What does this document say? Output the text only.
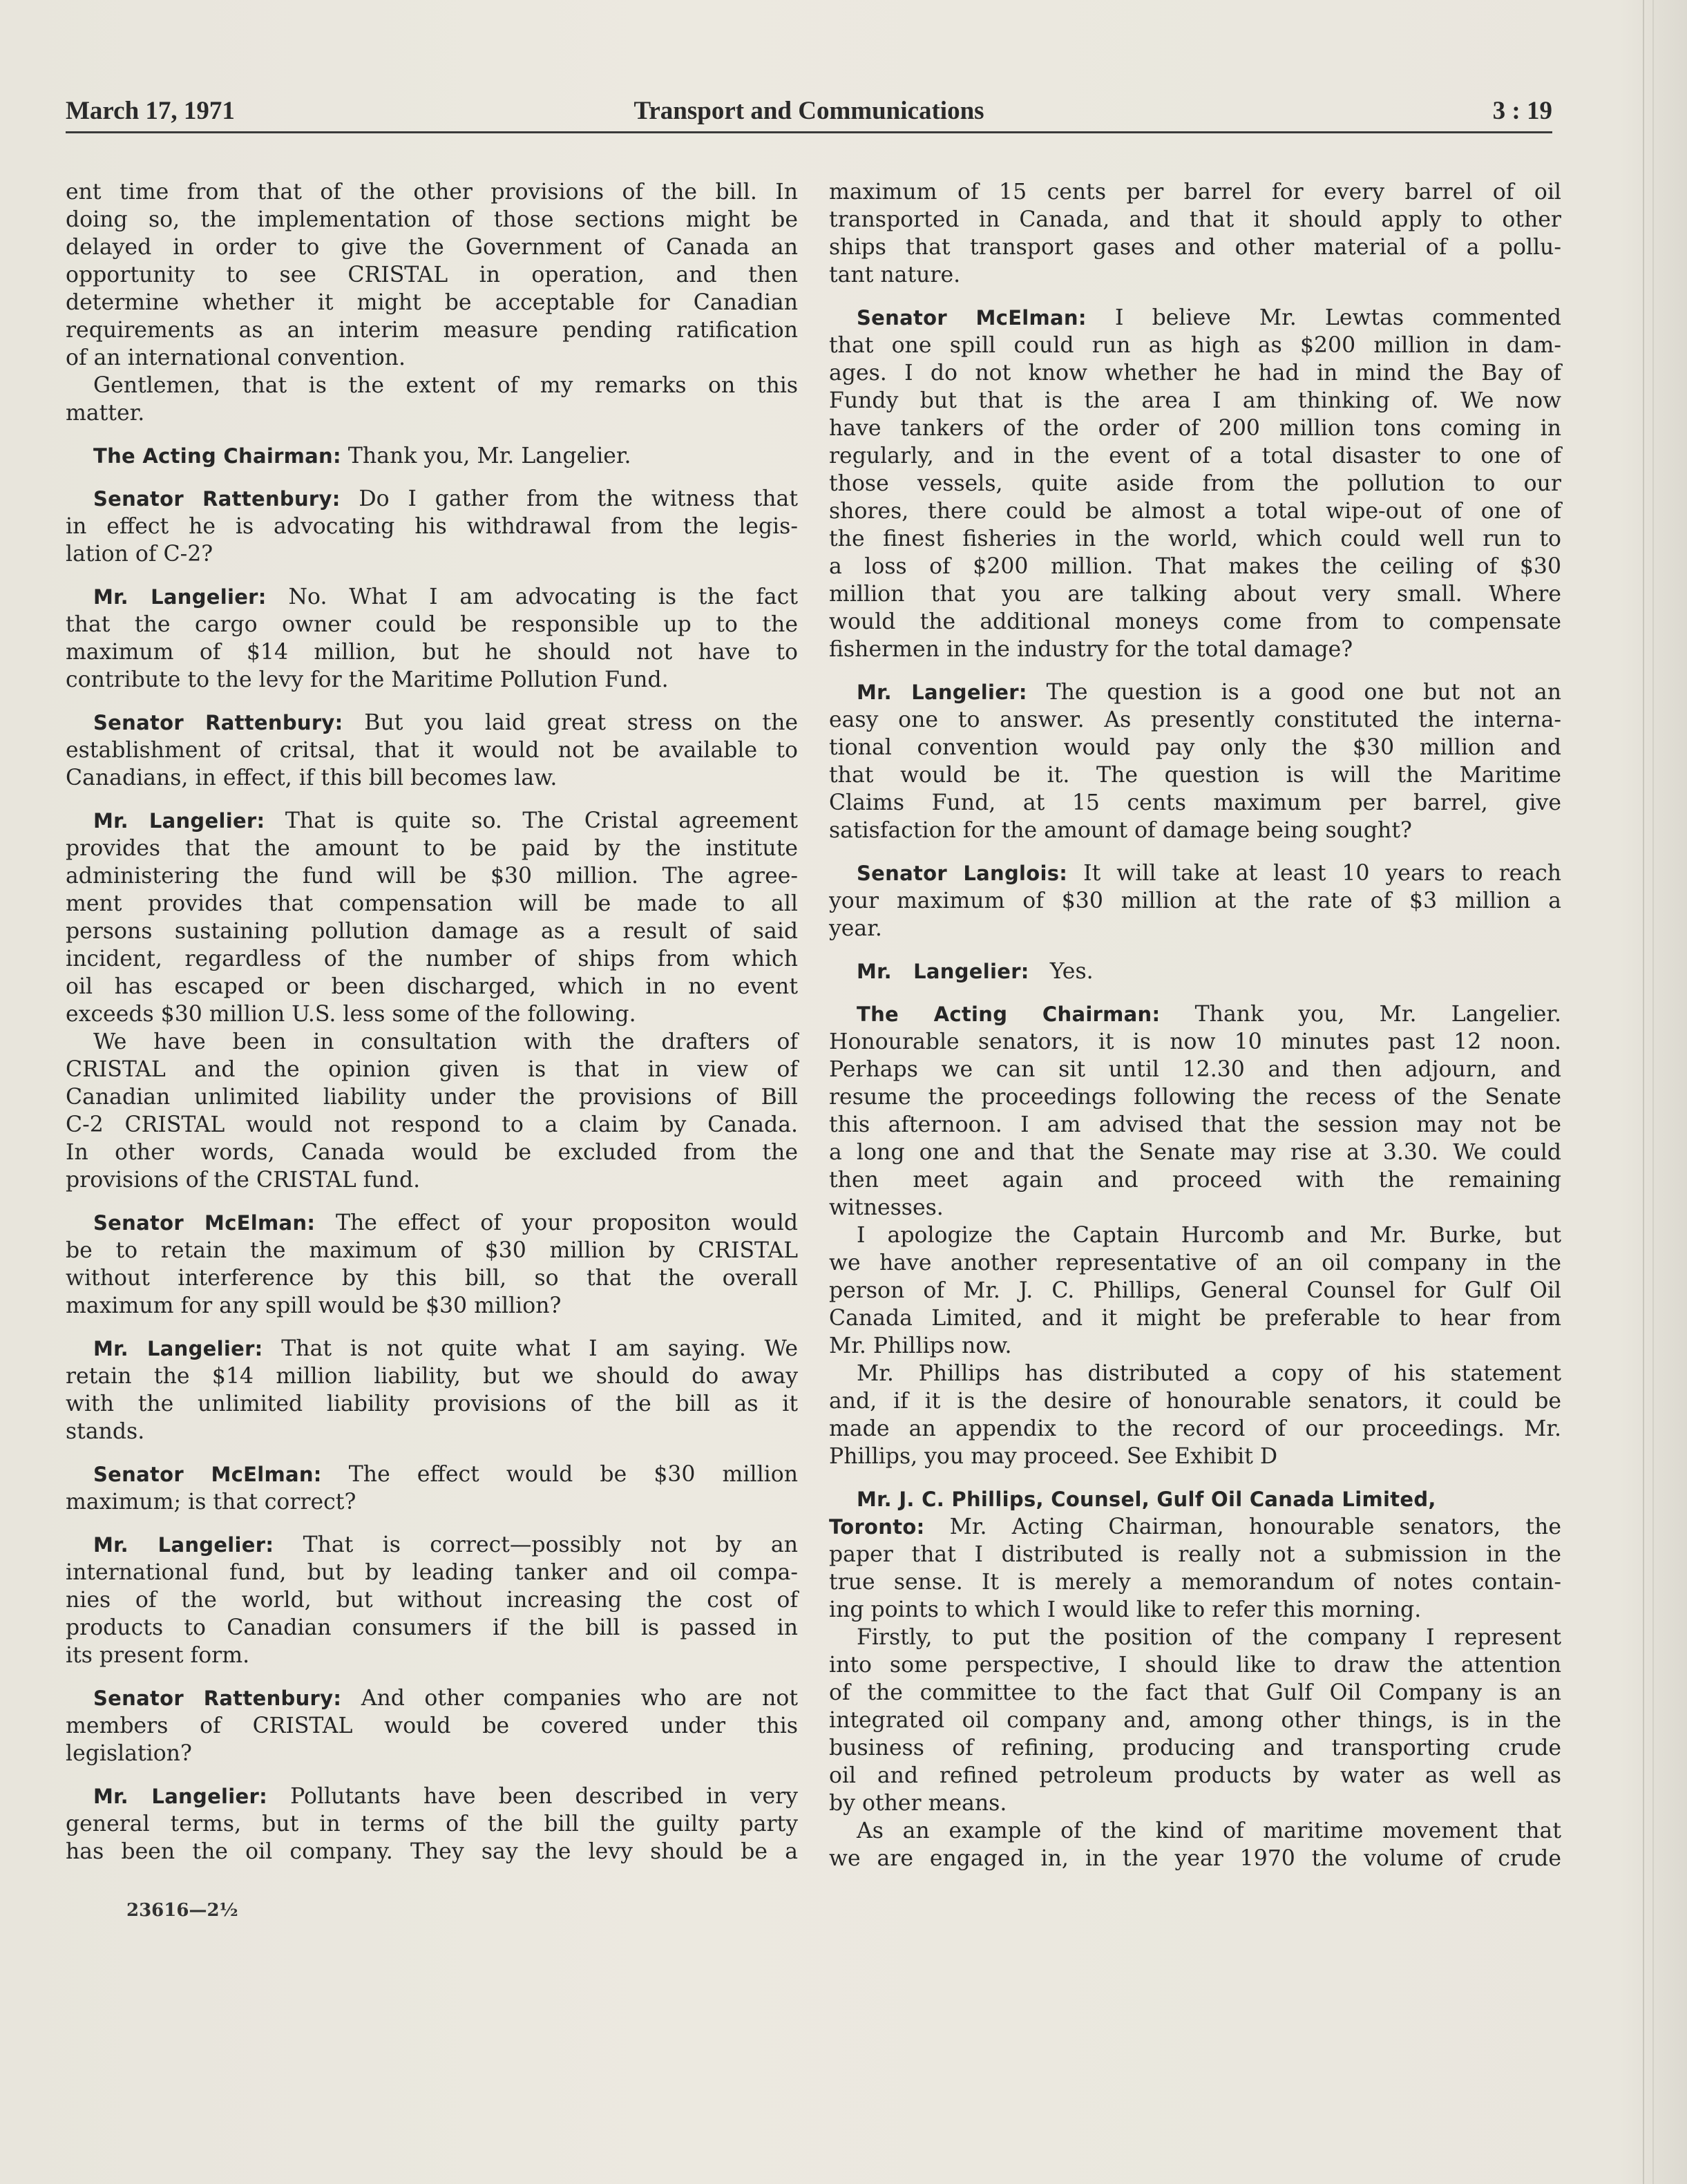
Transport and Communications
March 17, 1971	3 : 19
ent time from that of the other provisions of the bill. In
doing so, the implementation of those sections might be
delayed in order to give the Government of Canada an
opportunity to see CRISTAL in operation, and then
determine whether it might be acceptable for Canadian
requirements as an interim measure pending ratification
of an international convention.
Gentlemen, that is the extent of my remarks on this
matter.
The Acting Chairman: Thank you, Mr. Langelier.
Senator Rattenbury: Do I gather from the witness that
in effect he is advocating his withdrawal from the legis-
lation of C-2?
Mr. Langelier: No. What I am advocating is the fact
that the cargo owner could be responsible up to the
maximum of $14 million, but he should not have to
contribute to the levy for the Maritime Pollution Fund.
Senator Rattenbury: But you laid great stress on the
establishment of critsal, that it would not be available to
Canadians, in effect, if this bill becomes law.
Mr. Langelier: That is quite so. The Cristal agreement
provides that the amount to be paid by the institute
administering the fund will be $30 million. The agree-
ment provides that compensation will be made to all
persons sustaining pollution damage as a result of said
incident, regardless of the number of ships from which
oil has escaped or been discharged, which in no event
exceeds $30 million U.S. less some of the following.
We have been in consultation with the drafters of
CRISTAL and the opinion given is that in view of
Canadian unlimited liability under the provisions of Bill
C-2 CRISTAL would not respond to a claim by Canada.
In other words, Canada would be excluded from the
provisions of the CRISTAL fund.
Senator McElman: The effect of your propositon would
be to retain the maximum of $30 million by CRISTAL
without interference by this bill, so that the overall
maximum for any spill would be $30 million?
Mr. Langelier: That is not quite what I am saying. We
retain the $14 million liability, but we should do away
with the unlimited liability provisions of the bill as it
stands.
Senator McElman: The effect would be $30 million
maximum; is that correct?
Mr. Langelier: That is correct—possibly not by an
international fund, but by leading tanker and oil compa-
nies of the world, but without increasing the cost of
products to Canadian consumers if the bill is passed in
its present form.
Senator Rattenbury: And other companies who are not
members of CRISTAL would be covered under this
legislation?
Mr. Langelier: Pollutants have been described in very
general terms, but in terms of the bill the guilty party
has been the oil company. They say the levy should be a
maximum of 15 cents per barrel for every barrel of oil
transported in Canada, and that it should apply to other
ships that transport gases and other material of a pollu-
tant nature.
Senator McElman: I believe Mr. Lewtas commented
that one spill could run as high as $200 million in dam-
ages. I do not know whether he had in mind the Bay of
Fundy but that is the area I am thinking of. We now
have tankers of the order of 200 million tons coming in
regularly, and in the event of a total disaster to one of
those vessels, quite aside from the pollution to our
shores, there could be almost a total wipe-out of one of
the finest fisheries in the world, which could well run to
a loss of $200 million. That makes the ceiling of $30
million that you are talking about very small. Where
would the additional moneys come from to compensate
fishermen in the industry for the total damage?
Mr. Langelier: The question is a good one but not an
easy one to answer. As presently constituted the interna-
tional convention would pay only the $30 million and
that would be it. The question is will the Maritime
Claims Fund, at 15 cents maximum per barrel, give
satisfaction for the amount of damage being sought?
Senator Langlois: It will take at least 10 years to reach
your maximum of $30 million at the rate of $3 million a
year.
Mr.   Langelier:   Yes.
The Acting Chairman: Thank you, Mr. Langelier.
Honourable senators, it is now 10 minutes past 12 noon.
Perhaps we can sit until 12.30 and then adjourn, and
resume the proceedings following the recess of the Senate
this afternoon. I am advised that the session may not be
a long one and that the Senate may rise at 3.30. We could
then meet again and proceed with the remaining
witnesses.
I apologize the Captain Hurcomb and Mr. Burke, but
we have another representative of an oil company in the
person of Mr. J. C. Phillips, General Counsel for Gulf Oil
Canada Limited, and it might be preferable to hear from
Mr. Phillips now.
Mr. Phillips has distributed a copy of his statement
and, if it is the desire of honourable senators, it could be
made an appendix to the record of our proceedings. Mr.
Phillips, you may proceed. See Exhibit D
Mr. J. C. Phillips, Counsel, Gulf Oil Canada Limited,
Toronto: Mr. Acting Chairman, honourable senators, the
paper that I distributed is really not a submission in the
true sense. It is merely a memorandum of notes contain-
ing points to which I would like to refer this morning.
Firstly, to put the position of the company I represent
into some perspective, I should like to draw the attention
of the committee to the fact that Gulf Oil Company is an
integrated oil company and, among other things, is in the
business of refining, producing and transporting crude
oil and refined petroleum products by water as well as
by other means.
As an example of the kind of maritime movement that
we are engaged in, in the year 1970 the volume of crude
23616—2½
